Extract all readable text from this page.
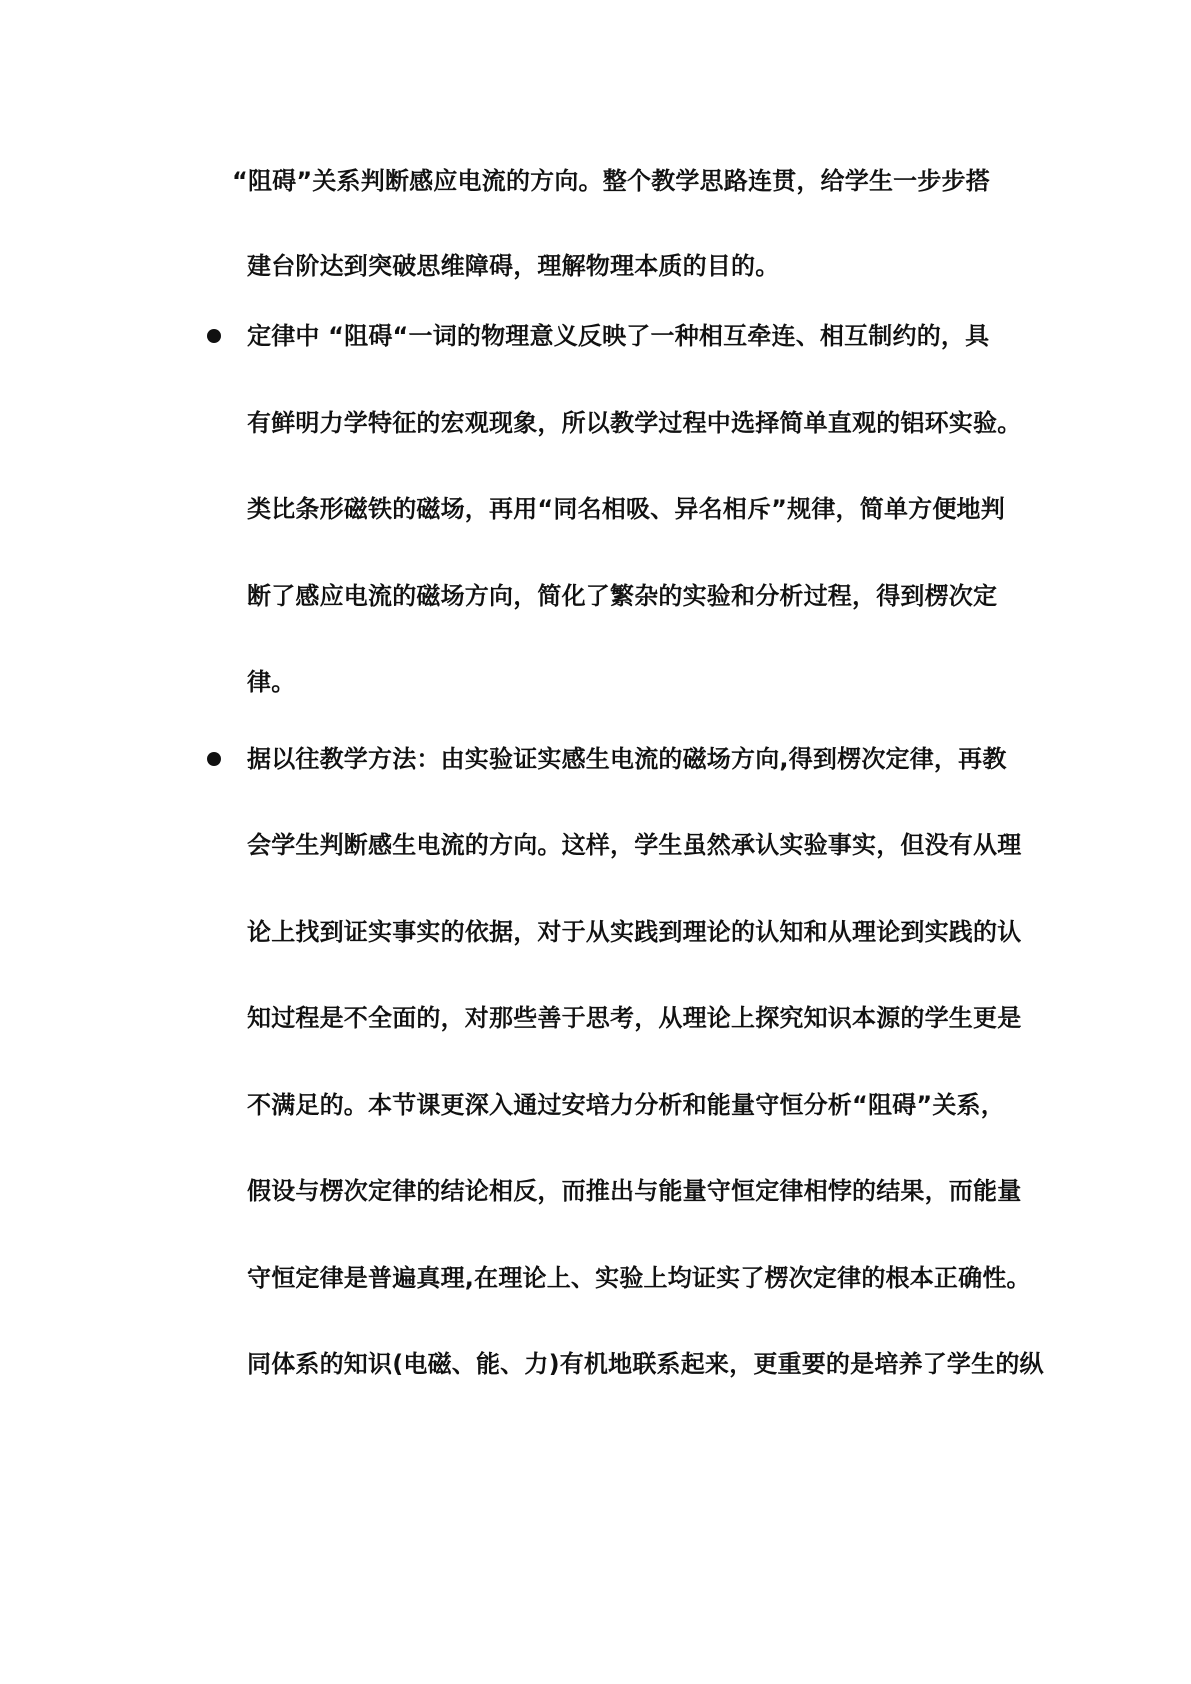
“阻碍”关系判断感应电流的方向。整个教学思路连贯，给学生一步步搭
建台阶达到突破思维障碍，理解物理本质的目的。
定律中 “阻碍“一词的物理意义反映了一种相互牵连、相互制约的，具
有鲜明力学特征的宏观现象，所以教学过程中选择简单直观的铝环实验。
类比条形磁铁的磁场，再用“同名相吸、异名相斥”规律，简单方便地判
断了感应电流的磁场方向，简化了繁杂的实验和分析过程，得到楞次定
律。
据以往教学方法：由实验证实感生电流的磁场方向,得到楞次定律，再教
会学生判断感生电流的方向。这样，学生虽然承认实验事实，但没有从理
论上找到证实事实的依据，对于从实践到理论的认知和从理论到实践的认
知过程是不全面的，对那些善于思考，从理论上探究知识本源的学生更是
不满足的。本节课更深入通过安培力分析和能量守恒分析“阻碍”关系，
假设与楞次定律的结论相反，而推出与能量守恒定律相悖的结果，而能量
守恒定律是普遍真理,在理论上、实验上均证实了楞次定律的根本正确性。
同体系的知识(电磁、能、力)有机地联系起来，更重要的是培养了学生的纵
